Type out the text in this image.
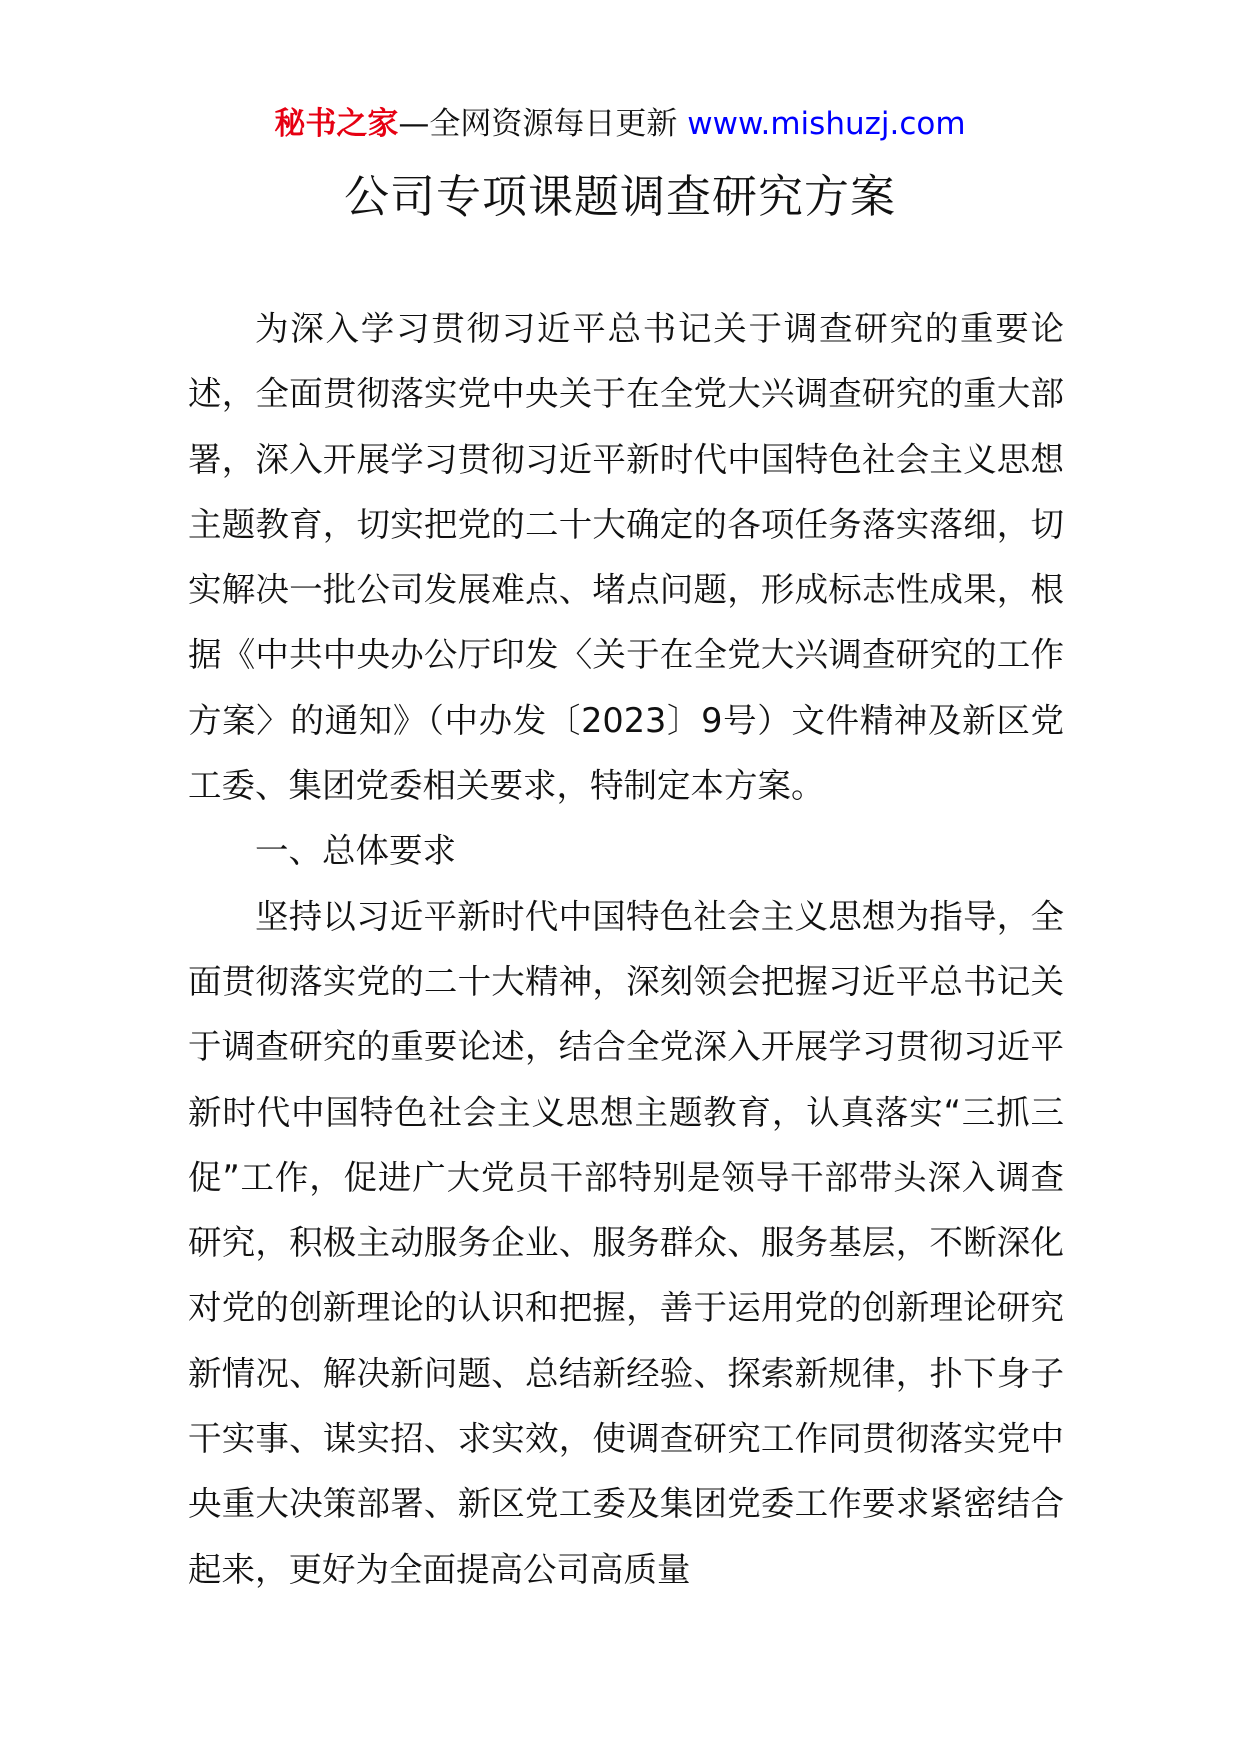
秘书之家—全网资源每日更新 www.mishuzj.com
公司专项课题调查研究方案

为深入学习贯彻习近平总书记关于调查研究的重要论述，全面贯彻落实党中央关于在全党大兴调查研究的重大部署，深入开展学习贯彻习近平新时代中国特色社会主义思想主题教育，切实把党的二十大确定的各项任务落实落细，切实解决一批公司发展难点、堵点问题，形成标志性成果，根据《中共中央办公厅印发〈关于在全党大兴调查研究的工作方案〉的通知》（中办发〔2023〕9号）文件精神及新区党工委、集团党委相关要求，特制定本方案。

一、总体要求

坚持以习近平新时代中国特色社会主义思想为指导，全面贯彻落实党的二十大精神，深刻领会把握习近平总书记关于调查研究的重要论述，结合全党深入开展学习贯彻习近平新时代中国特色社会主义思想主题教育，认真落实“三抓三促”工作，促进广大党员干部特别是领导干部带头深入调查研究，积极主动服务企业、服务群众、服务基层，不断深化对党的创新理论的认识和把握，善于运用党的创新理论研究新情况、解决新问题、总结新经验、探索新规律，扑下身子干实事、谋实招、求实效，使调查研究工作同贯彻落实党中央重大决策部署、新区党工委及集团党委工作要求紧密结合起来，更好为全面提高公司高质量
